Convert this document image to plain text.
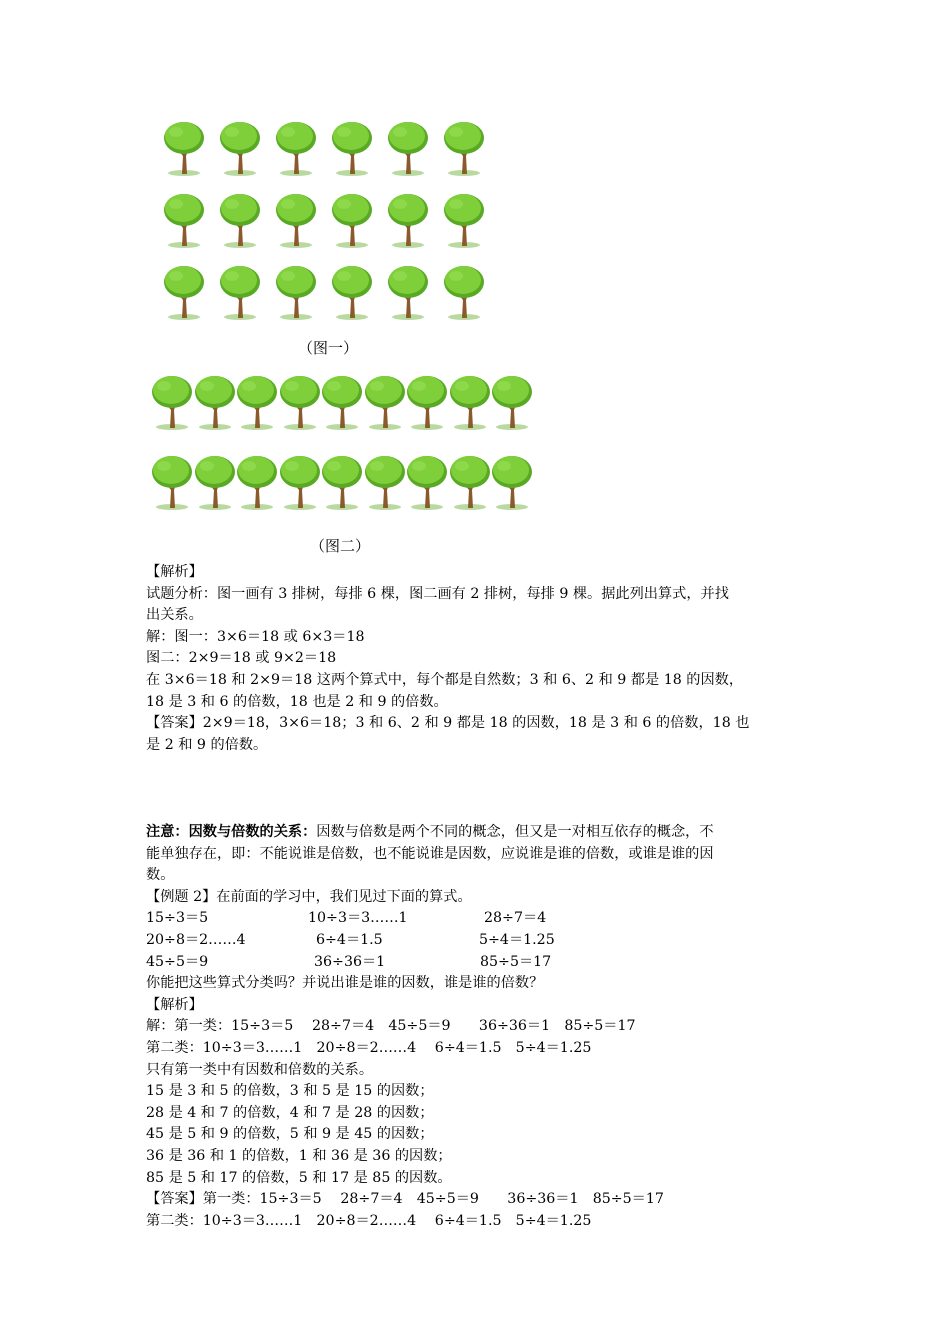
（图一）
（图二）
【解析】
试题分析：图一画有 3 排树，每排 6 棵，图二画有 2 排树，每排 9 棵。据此列出算式，并找
出关系。
解：图一：3×6＝18 或 6×3＝18
图二：2×9＝18 或 9×2＝18
在 3×6＝18 和 2×9＝18 这两个算式中，每个都是自然数；3 和 6、2 和 9 都是 18 的因数，
18 是 3 和 6 的倍数，18 也是 2 和 9 的倍数。
【答案】2×9＝18，3×6＝18；3 和 6、2 和 9 都是 18 的因数，18 是 3 和 6 的倍数，18 也
是 2 和 9 的倍数。
注意：因数与倍数的关系：因数与倍数是两个不同的概念，但又是一对相互依存的概念，不
能单独存在，即：不能说谁是倍数，也不能说谁是因数，应说谁是谁的倍数，或谁是谁的因
数。
【例题 2】在前面的学习中，我们见过下面的算式。
15÷3＝5	10÷3＝3……1	28÷7＝4
20÷8＝2……4	6÷4＝1.5	5÷4＝1.25
45÷5＝9	36÷36＝1	85÷5＝17
你能把这些算式分类吗？并说出谁是谁的因数，谁是谁的倍数？
【解析】
解：第一类：15÷3＝5　 28÷7＝4　45÷5＝9　　36÷36＝1　85÷5＝17
第二类：10÷3＝3……1　20÷8＝2……4　 6÷4＝1.5　5÷4＝1.25
只有第一类中有因数和倍数的关系。
15 是 3 和 5 的倍数，3 和 5 是 15 的因数；
28 是 4 和 7 的倍数，4 和 7 是 28 的因数；
45 是 5 和 9 的倍数，5 和 9 是 45 的因数；
36 是 36 和 1 的倍数，1 和 36 是 36 的因数；
85 是 5 和 17 的倍数，5 和 17 是 85 的因数。
【答案】第一类：15÷3＝5　 28÷7＝4　45÷5＝9　　36÷36＝1　85÷5＝17
第二类：10÷3＝3……1　20÷8＝2……4　 6÷4＝1.5　5÷4＝1.25
